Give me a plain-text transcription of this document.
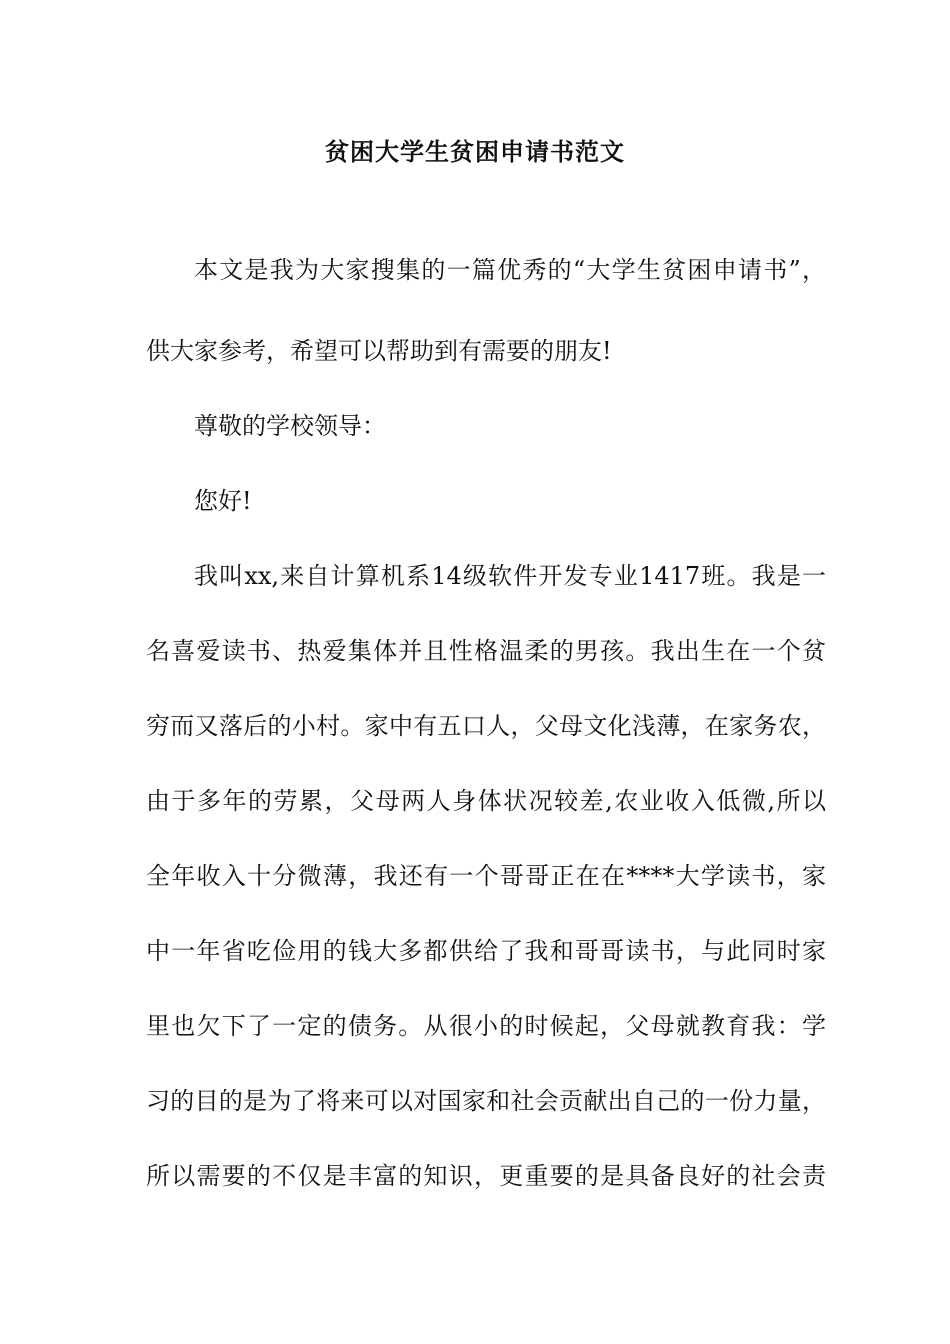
贫困大学生贫困申请书范文
本文是我为大家搜集的一篇优秀的“大学生贫困申请书”，
供大家参考，希望可以帮助到有需要的朋友!
尊敬的学校领导：
您好!
我叫xx,来自计算机系14级软件开发专业1417班。我是一
名喜爱读书、热爱集体并且性格温柔的男孩。我出生在一个贫
穷而又落后的小村。家中有五口人，父母文化浅薄，在家务农，
由于多年的劳累，父母两人身体状况较差,农业收入低微,所以
全年收入十分微薄，我还有一个哥哥正在在****大学读书，家
中一年省吃俭用的钱大多都供给了我和哥哥读书，与此同时家
里也欠下了一定的债务。从很小的时候起，父母就教育我：学
习的目的是为了将来可以对国家和社会贡献出自己的一份力量，
所以需要的不仅是丰富的知识，更重要的是具备良好的社会责
